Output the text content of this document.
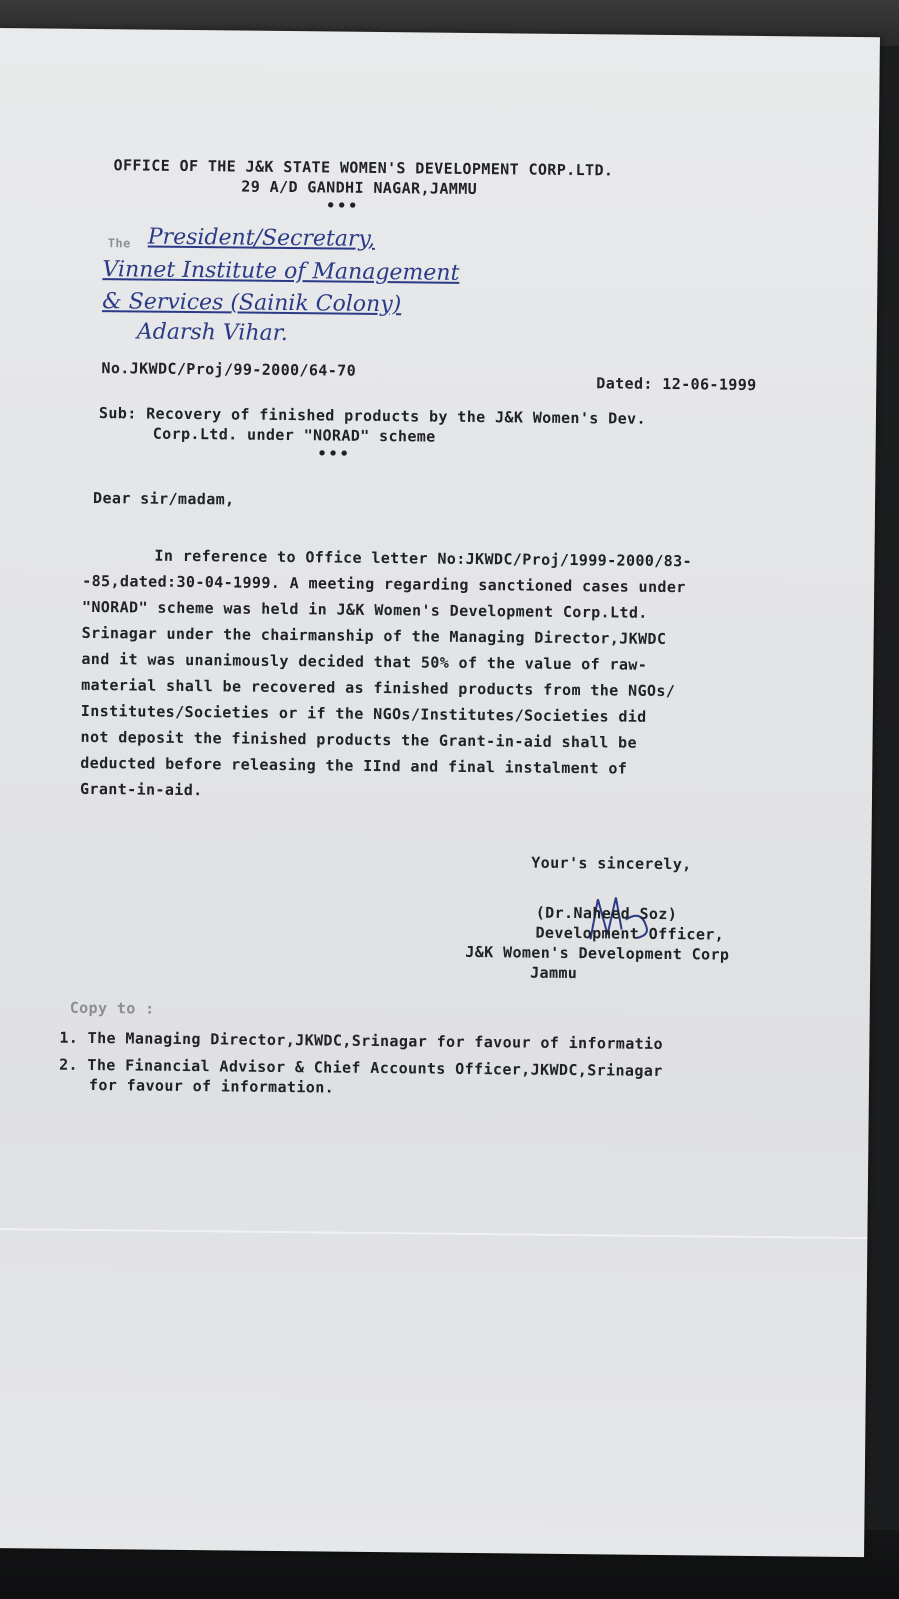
OFFICE OF THE J&K STATE WOMEN'S DEVELOPMENT CORP.LTD.
29 A/D GANDHI NAGAR,JAMMU
•••
The President/Secretary,
Vinnet Institute of Management
& Services (Sainik Colony)
Adarsh Vihar.
No.JKWDC/Proj/99-2000/64-70
Dated: 12-06-1999
Sub: Recovery of finished products by the J&K Women's Dev.
Corp.Ltd. under "NORAD" scheme
•••
Dear sir/madam,
In reference to Office letter No:JKWDC/Proj/1999-2000/83-
-85,dated:30-04-1999. A meeting regarding sanctioned cases under
"NORAD" scheme was held in J&K Women's Development Corp.Ltd.
Srinagar under the chairmanship of the Managing Director,JKWDC
and it was unanimously decided that 50% of the value of raw-
material shall be recovered as finished products from the NGOs/
Institutes/Societies or if the NGOs/Institutes/Societies did
not deposit the finished products the Grant-in-aid shall be
deducted before releasing the IInd and final instalment of
Grant-in-aid.
Your's sincerely,
(Dr.Naheed Soz)
Development Officer,
J&K Women's Development Corp
Jammu
Copy to :
1. The Managing Director,JKWDC,Srinagar for favour of informatio
2. The Financial Advisor & Chief Accounts Officer,JKWDC,Srinagar
for favour of information.
